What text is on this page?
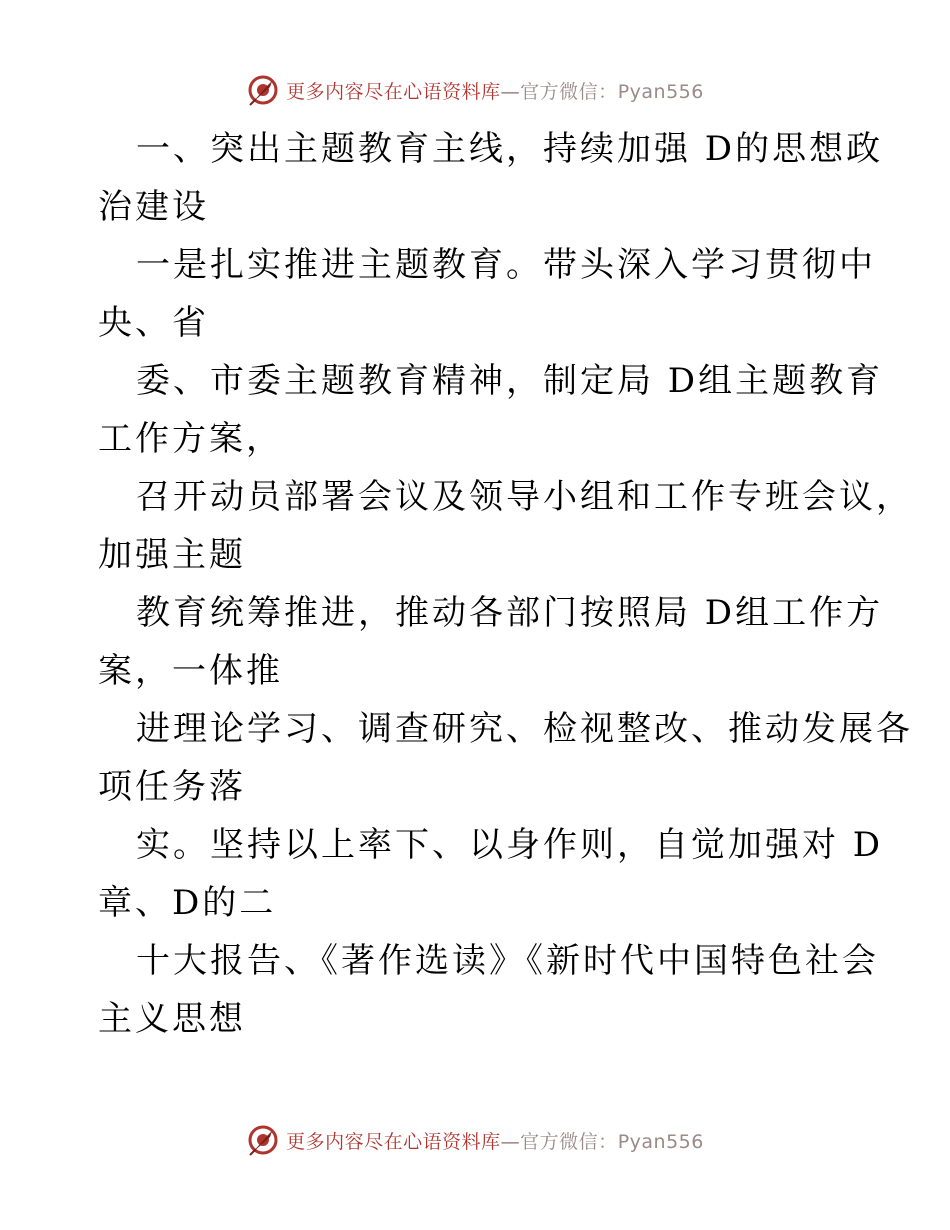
更多内容尽在心语资料库—官方微信：Pyan556
一、突出主题教育主线，持续加强 D的思想政
治建设
一是扎实推进主题教育。带头深入学习贯彻中
央、省
委、市委主题教育精神，制定局 D组主题教育
工作方案，
召开动员部署会议及领导小组和工作专班会议，
加强主题
教育统筹推进，推动各部门按照局 D组工作方
案，一体推
进理论学习、调查研究、检视整改、推动发展各
项任务落
实。坚持以上率下、以身作则，自觉加强对 D
章、D的二
十大报告、《著作选读》《新时代中国特色社会
主义思想
更多内容尽在心语资料库—官方微信：Pyan556
